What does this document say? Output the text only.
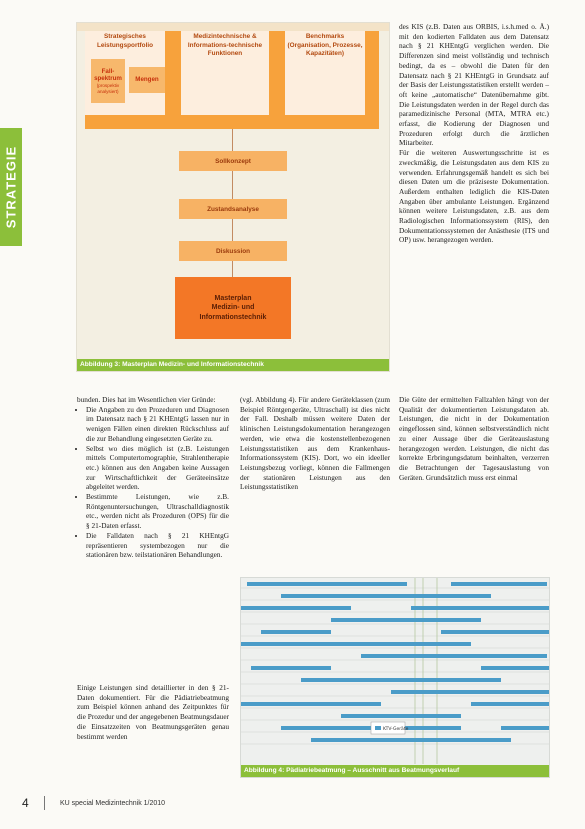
STRATEGIE
Strategisches Leistungsportfolio
Fall-spektrum
(prospektiv analysiert)
Mengen
Medizintechnische & Informations-technische Funktionen
Benchmarks (Organisation, Prozesse, Kapazitäten)
Sollkonzept
Zustandsanalyse
Diskussion
Masterplan
Medizin- und
Informationstechnik
Abbildung 3: Masterplan Medizin- und Informationstechnik

des KIS (z.B. Daten aus ORBIS, i.s.h.med o. Ä.) mit den kodierten Falldaten aus dem Datensatz nach § 21 KHEntgG verglichen werden. Die Differenzen sind meist vollständig und technisch bedingt, da es – obwohl die Daten für den Datensatz nach § 21 KHEntgG in Grundsatz auf der Basis der Leistungsstatistiken erstellt werden – oft keine „automatische“ Datenübernahme gibt. Die Leistungsdaten werden in der Regel durch das paramedizinische Personal (MTA, MTRA etc.) erfasst, die Kodierung der Diagnosen und Prozeduren erfolgt durch die ärztlichen Mitarbeiter.

Für die weiteren Auswertungsschritte ist es zweckmäßig, die Leistungsdaten aus dem KIS zu verwenden. Erfahrungsgemäß handelt es sich bei diesen Daten um die präziseste Dokumentation. Außerdem enthalten lediglich die KIS-Daten Angaben über ambulante Leistungen. Ergänzend können weitere Leistungsdaten, z.B. aus dem Radiologischen Informationssystem (RIS), den Dokumentationssystemen der Anästhesie (ITS und OP) usw. herangezogen werden.

bunden. Dies hat im Wesentlichen vier Gründe:

• Die Angaben zu den Prozeduren und Diagnosen im Datensatz nach § 21 KHEntgG lassen nur in wenigen Fällen einen direkten Rückschluss auf die zur Behandlung eingesetzten Geräte zu.
• Selbst wo dies möglich ist (z.B. Leistungen mittels Computertomographie, Strahlentherapie etc.) können aus den Angaben keine Aussagen zur Wirtschaftlichkeit der Geräteeinsätze abgeleitet werden.
• Bestimmte Leistungen, wie z.B. Röntgenuntersuchungen, Ultraschalldiagnostik etc., werden nicht als Prozeduren (OPS) für die § 21-Daten erfasst.
• Die Falldaten nach § 21 KHEntgG repräsentieren systembezogen nur die stationären bzw. teilstationären Behandlungen.

Einige Leistungen sind detaillierter in den § 21-Daten dokumentiert. Für die Pädiatriebeatmung zum Beispiel können anhand des Zeitpunktes für die Prozedur und der angegebenen Beatmungsdauer die Einsatzzeiten von Beatmungsgeräten genau bestimmt werden

(vgl. Abbildung 4). Für andere Geräteklassen (zum Beispiel Röntgengeräte, Ultraschall) ist dies nicht der Fall. Deshalb müssen weitere Daten der klinischen Leistungsdokumentation herangezogen werden, wie etwa die kostenstellenbezogenen Leistungsstatistiken aus dem Krankenhaus-Informationssystem (KIS). Dort, wo ein ideeller Leistungsbezug vorliegt, können die Fallmengen der stationären Leistungen aus den Leistungsstatistiken

Die Güte der ermittelten Fallzahlen hängt von der Qualität der dokumentierten Leistungsdaten ab. Leistungen, die nicht in der Dokumentation eingeflossen sind, können selbstverständlich nicht zu einer Aussage über die Geräteauslastung herangezogen werden. Leistungen, die nicht das korrekte Erbringungsdatum beinhalten, verzerren die Betrachtungen der Tagesauslastung von Geräten. Grundsätzlich muss erst einmal

KTV-Geräte
Abbildung 4: Pädiatriebeatmung – Ausschnitt aus Beatmungsverlauf
4	KU special Medizintechnik 1/2010
